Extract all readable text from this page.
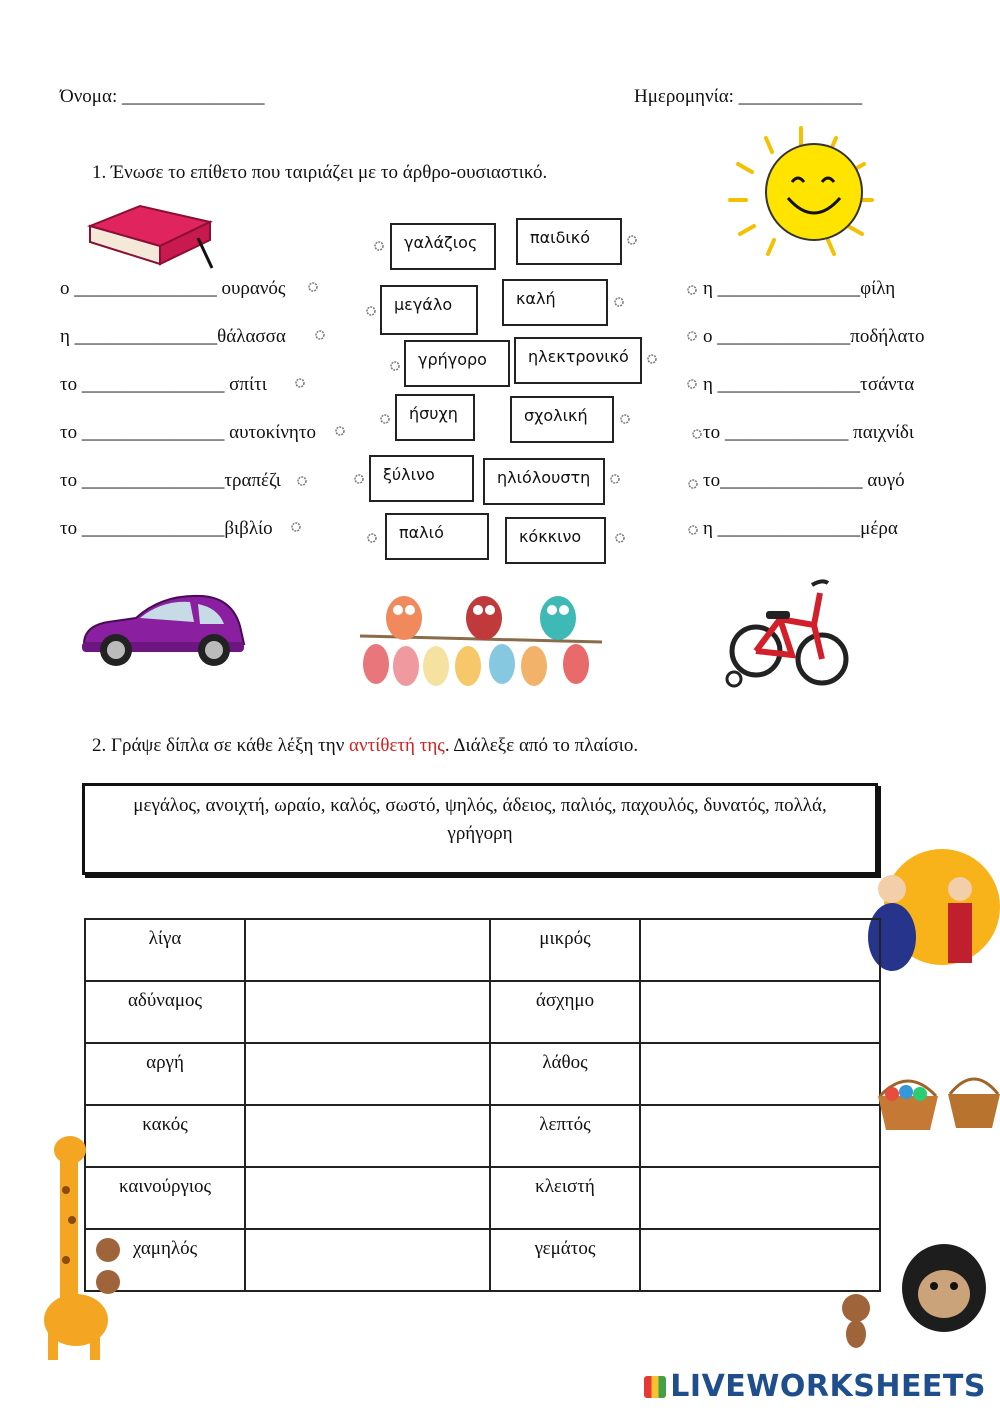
Όνομα: _______________	Ημερομηνία: _____________
1. Ένωσε το επίθετο που ταιριάζει με το άρθρο-ουσιαστικό.
ο _______________ ουρανός
η _______________θάλασσα
το _______________ σπίτι
το _______________ αυτοκίνητο
το _______________τραπέζι
το _______________βιβλίο
η _______________φίλη
ο ______________ποδήλατο
η _______________τσάντα
το _____________ παιχνίδι
το_______________ αυγό
η _______________μέρα
γαλάζιος	παιδικό
μεγάλο	καλή
γρήγορο	ηλεκτρονικό
ήσυχη	σχολική
ξύλινο	ηλιόλουστη
παλιό	κόκκινο
2. Γράψε δίπλα σε κάθε λέξη την αντίθετή της. Διάλεξε από το πλαίσιο.
μεγάλος, ανοιχτή, ωραίο, καλός, σωστό, ψηλός, άδειος, παλιός, παχουλός, δυνατός, πολλά, γρήγορη
λίγα		μικρός	
αδύναμος		άσχημο	
αργή		λάθος	
κακός		λεπτός	
καινούργιος		κλειστή	
χαμηλός		γεμάτος	
LIVEWORKSHEETS
